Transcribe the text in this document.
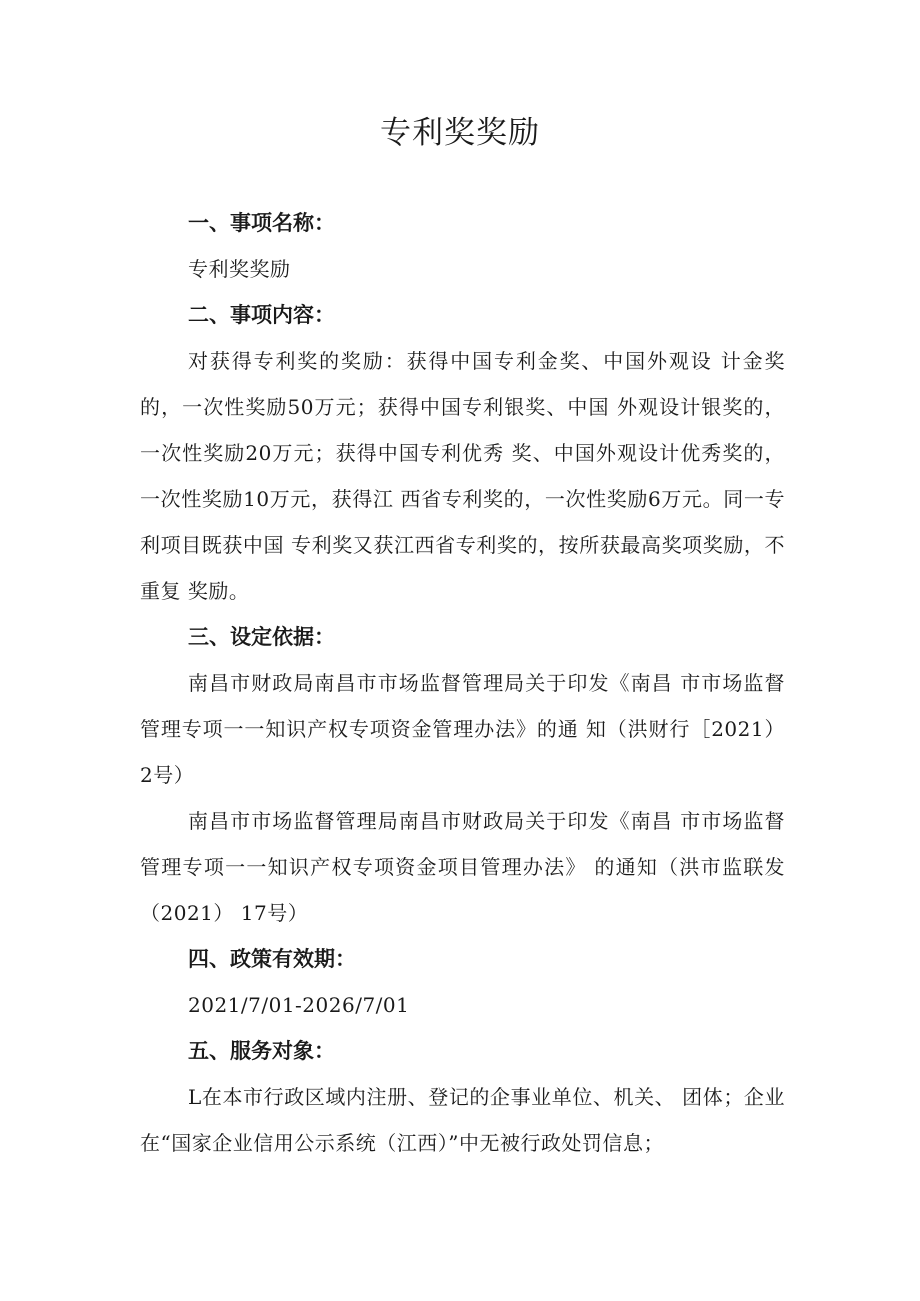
专利奖奖励

一、事项名称：

专利奖奖励

二、事项内容：

对获得专利奖的奖励：获得中国专利金奖、中国外观设 计金奖的，一次性奖励50万元；获得中国专利银奖、中国 外观设计银奖的，一次性奖励20万元；获得中国专利优秀 奖、中国外观设计优秀奖的，一次性奖励10万元，获得江 西省专利奖的，一次性奖励6万元。同一专利项目既获中国 专利奖又获江西省专利奖的，按所获最高奖项奖励，不重复 奖励。

三、设定依据：

南昌市财政局南昌市市场监督管理局关于印发《南昌 市市场监督管理专项一一知识产权专项资金管理办法》的通 知（洪财行［2021） 2号）

南昌市市场监督管理局南昌市财政局关于印发《南昌 市市场监督管理专项一一知识产权专项资金项目管理办法》 的通知（洪市监联发（2021） 17号）

四、政策有效期：

2021/7/01-2026/7/01

五、服务对象：

L在本市行政区域内注册、登记的企事业单位、机关、 团体；企业在“国家企业信用公示系统（江西）”中无被行政处罚信息；
